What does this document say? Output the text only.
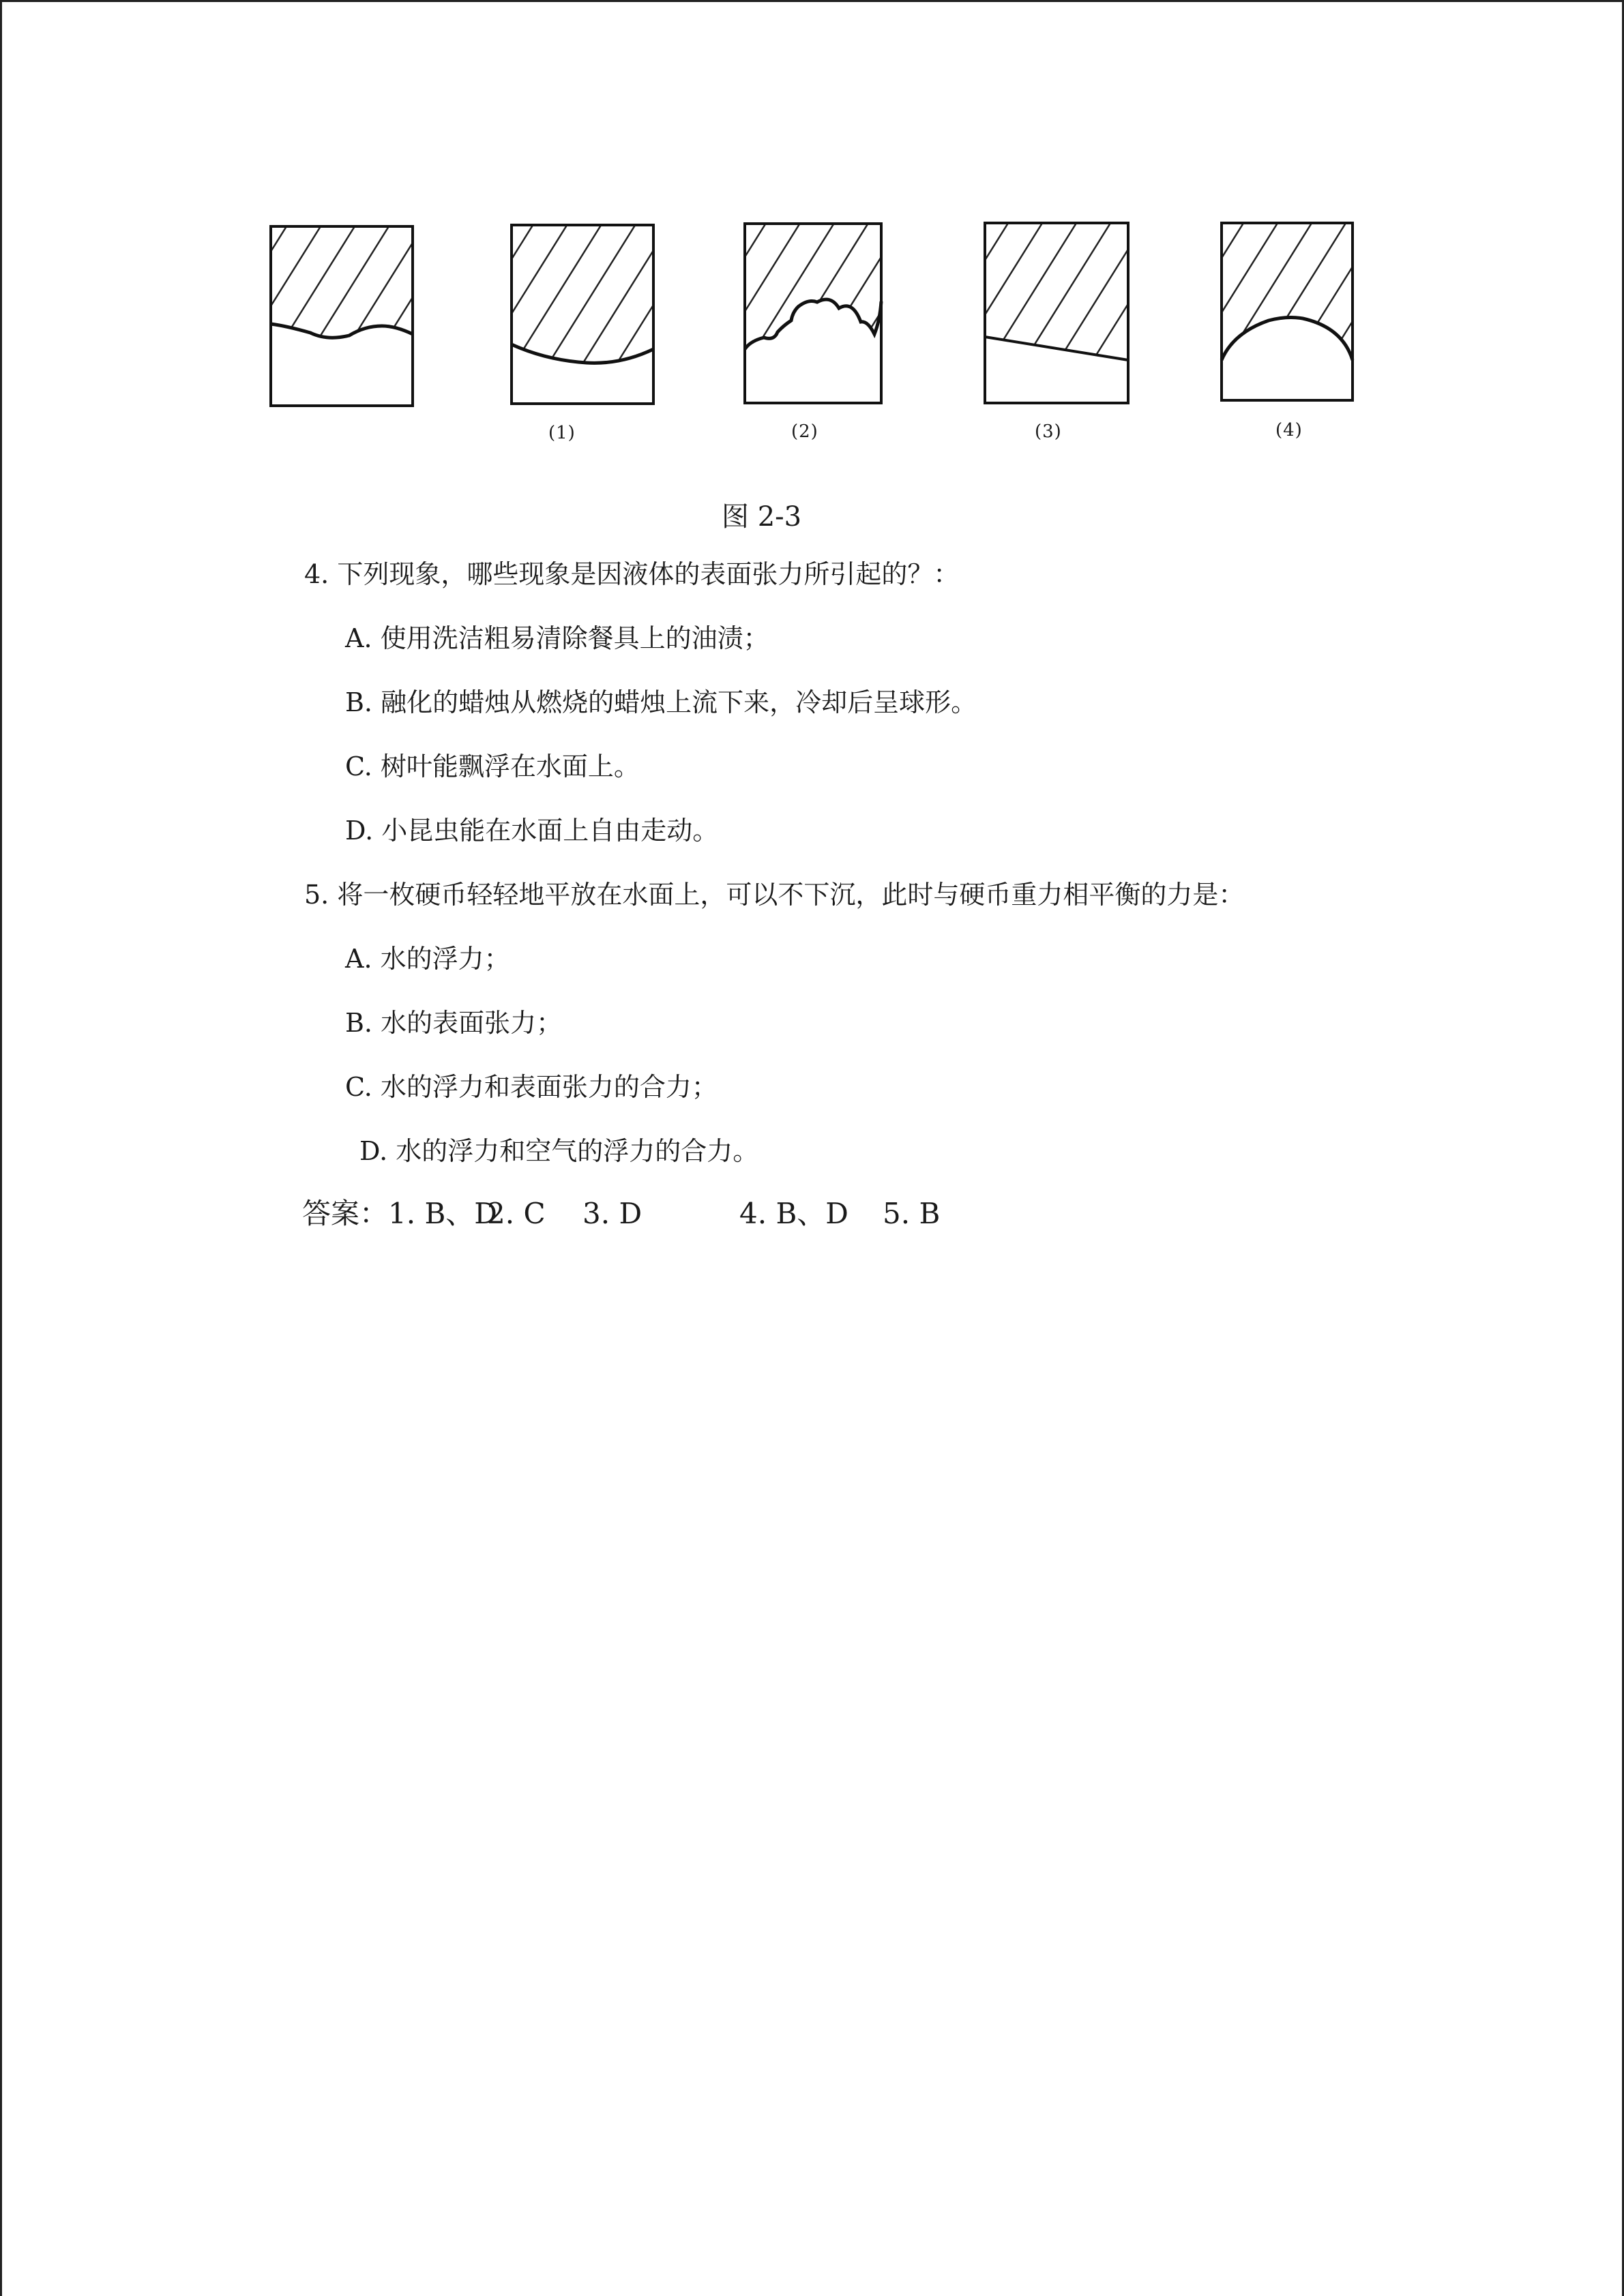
(1)	(2)	(3)	(4)
图 2-3
4. 下列现象，哪些现象是因液体的表面张力所引起的？：
A. 使用洗洁粗易清除餐具上的油渍；
B. 融化的蜡烛从燃烧的蜡烛上流下来，冷却后呈球形。
C. 树叶能飘浮在水面上。
D. 小昆虫能在水面上自由走动。
5. 将一枚硬币轻轻地平放在水面上，可以不下沉，此时与硬币重力相平衡的力是：
A. 水的浮力；
B. 水的表面张力；
C. 水的浮力和表面张力的合力；
D. 水的浮力和空气的浮力的合力。
答案：1. B、D2. C 3. D	4. B、D 5. B
